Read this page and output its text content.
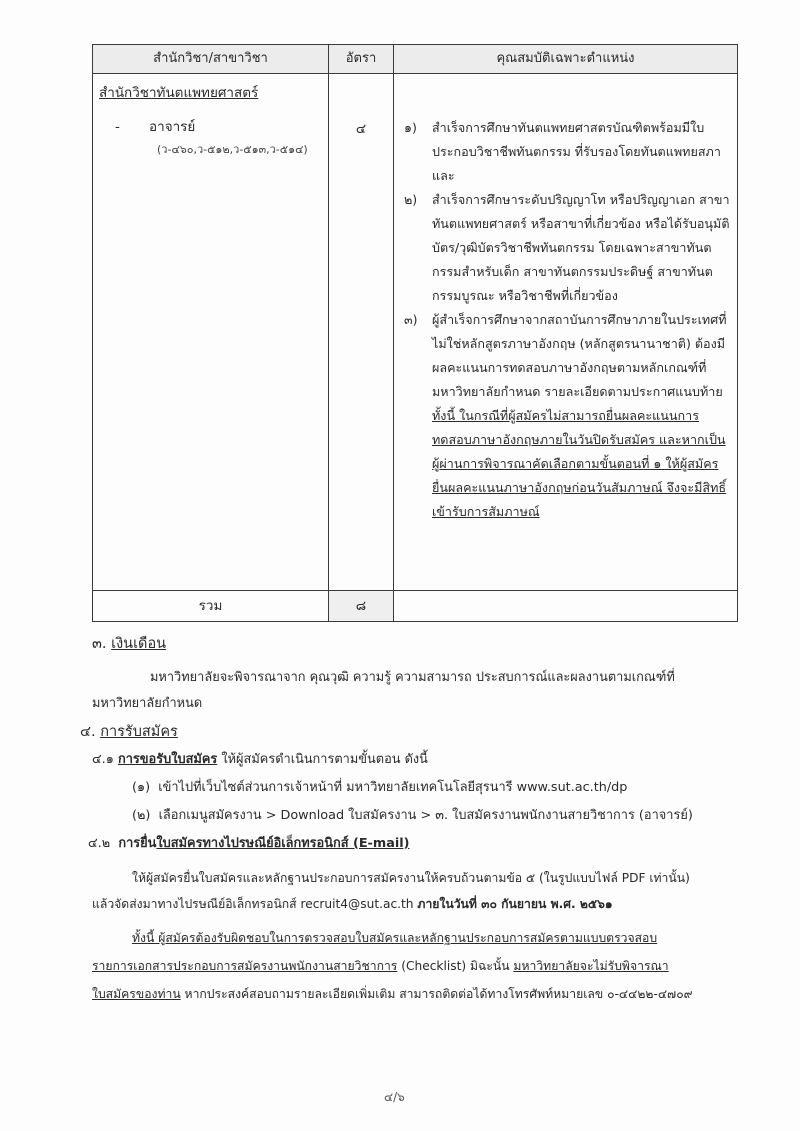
สำนักวิชา/สาขาวิชา	อัตรา	คุณสมบัติเฉพาะตำแหน่ง

สำนักวิชาทันตแพทยศาสตร์
-	อาจารย์
(ว-๔๖๐,ว-๕๑๒,ว-๕๑๓,ว-๕๑๔)
	๔	๑)	สำเร็จการศึกษาทันตแพทยศาสตรบัณฑิตพร้อมมีใบประกอบวิชาชีพทันตกรรม ที่รับรองโดยทันตแพทยสภา และ
๒)	สำเร็จการศึกษาระดับปริญญาโท หรือปริญญาเอก สาขาทันตแพทยศาสตร์ หรือสาขาที่เกี่ยวข้อง หรือได้รับอนุมัติบัตร/วุฒิบัตรวิชาชีพทันตกรรม โดยเฉพาะสาขาทันตกรรมสำหรับเด็ก สาขาทันตกรรมประดิษฐ์ สาขาทันตกรรมบูรณะ หรือวิชาชีพที่เกี่ยวข้อง
๓)	ผู้สำเร็จการศึกษาจากสถาบันการศึกษาภายในประเทศที่ไม่ใช่หลักสูตรภาษาอังกฤษ (หลักสูตรนานาชาติ) ต้องมีผลคะแนนการทดสอบภาษาอังกฤษตามหลักเกณฑ์ที่มหาวิทยาลัยกำหนด รายละเอียดตามประกาศแนบท้าย ทั้งนี้ ในกรณีที่ผู้สมัครไม่สามารถยื่นผลคะแนนการทดสอบภาษาอังกฤษภายในวันปิดรับสมัคร และหากเป็นผู้ผ่านการพิจารณาคัดเลือกตามขั้นตอนที่ ๑ ให้ผู้สมัครยื่นผลคะแนนภาษาอังกฤษก่อนวันสัมภาษณ์ จึงจะมีสิทธิ์เข้ารับการสัมภาษณ์

รวม	๘	
๓. เงินเดือน
มหาวิทยาลัยจะพิจารณาจาก คุณวุฒิ ความรู้ ความสามารถ ประสบการณ์และผลงานตามเกณฑ์ที่
มหาวิทยาลัยกำหนด
๔. การรับสมัคร
๔.๑ การขอรับใบสมัคร ให้ผู้สมัครดำเนินการตามขั้นตอน ดังนี้
(๑) เข้าไปที่เว็บไซต์ส่วนการเจ้าหน้าที่ มหาวิทยาลัยเทคโนโลยีสุรนารี www.sut.ac.th/dp
(๒) เลือกเมนูสมัครงาน > Download ใบสมัครงาน > ๓. ใบสมัครงานพนักงานสายวิชาการ (อาจารย์)
๔.๒ การยื่นใบสมัครทางไปรษณีย์อิเล็กทรอนิกส์ (E-mail)
ให้ผู้สมัครยื่นใบสมัครและหลักฐานประกอบการสมัครงานให้ครบถ้วนตามข้อ ๕ (ในรูปแบบไฟล์ PDF เท่านั้น)
แล้วจัดส่งมาทางไปรษณีย์อิเล็กทรอนิกส์ recruit4@sut.ac.th ภายในวันที่ ๓๐ กันยายน พ.ศ. ๒๕๖๑
ทั้งนี้ ผู้สมัครต้องรับผิดชอบในการตรวจสอบใบสมัครและหลักฐานประกอบการสมัครตามแบบตรวจสอบ
รายการเอกสารประกอบการสมัครงานพนักงานสายวิชาการ (Checklist) มิฉะนั้น มหาวิทยาลัยจะไม่รับพิจารณา
ใบสมัครของท่าน หากประสงค์สอบถามรายละเอียดเพิ่มเติม สามารถติดต่อได้ทางโทรศัพท์หมายเลข ๐-๔๔๒๒-๔๗๐๙
๔/๖
